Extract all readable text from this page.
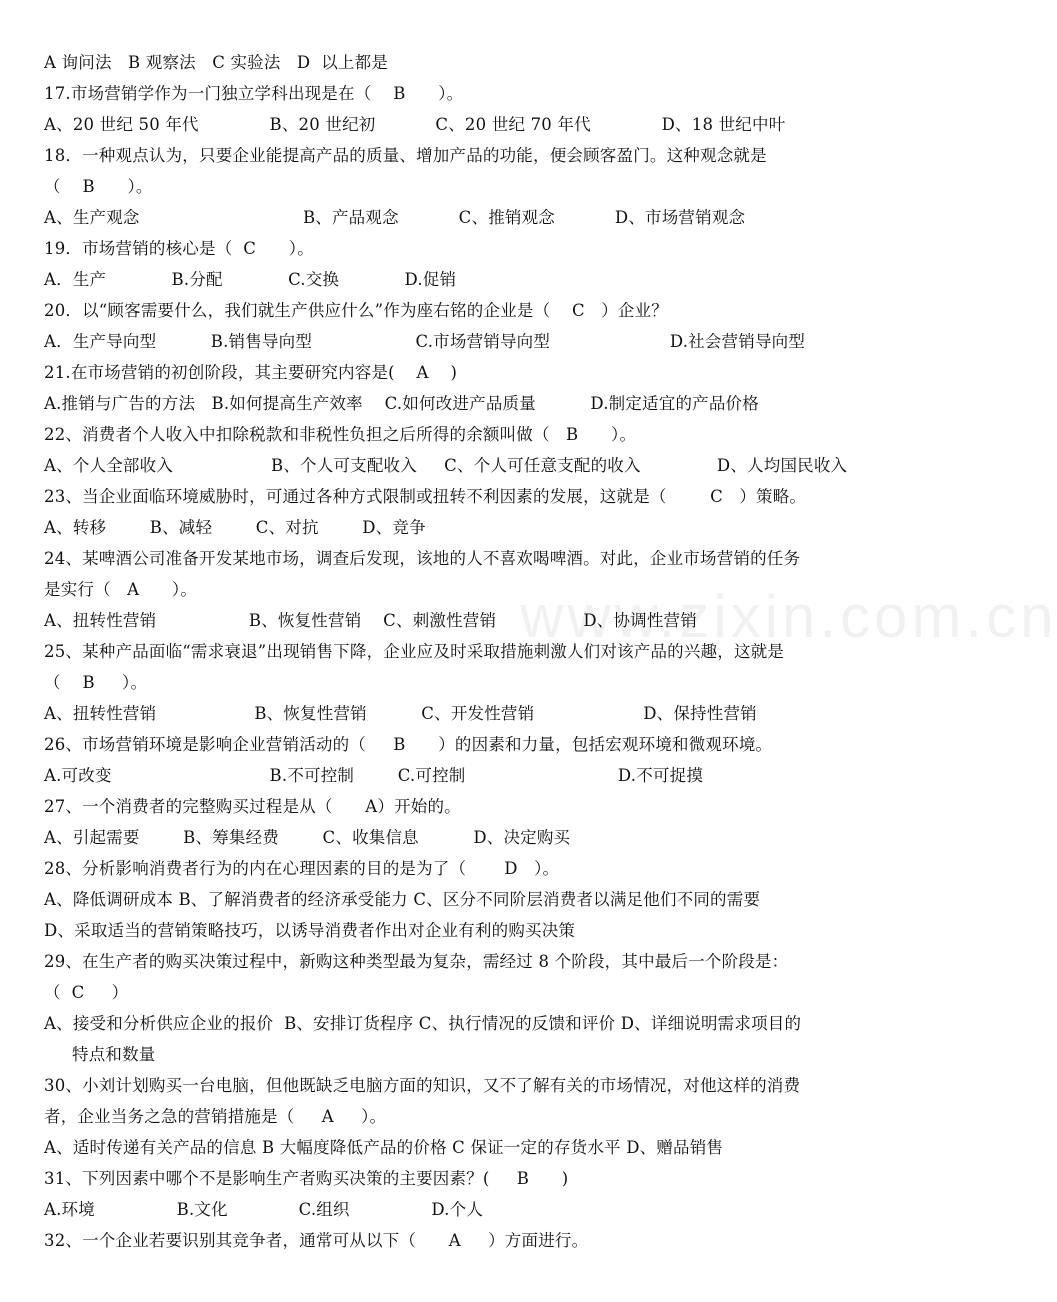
A 询问法   B 观察法   C 实验法   D  以上都是
17.市场营销学作为一门独立学科出现是在（    B      ）。
A、20 世纪 50 年代             B、20 世纪初           C、20 世纪 70 年代             D、18 世纪中叶
18．一种观点认为，只要企业能提高产品的质量、增加产品的功能，便会顾客盈门。这种观念就是
（    B      ）。
A、生产观念                              B、产品观念           C、推销观念           D、市场营销观念
19．市场营销的核心是（  C      ）。
A．生产            B.分配            C.交换            D.促销
20．以“顾客需要什么，我们就生产供应什么”作为座右铭的企业是（    C   ）企业？
A．生产导向型          B.销售导向型                   C.市场营销导向型                      D.社会营销导向型
21.在市场营销的初创阶段，其主要研究内容是(    A    )
A.推销与广告的方法   B.如何提高生产效率    C.如何改进产品质量          D.制定适宜的产品价格
22、消费者个人收入中扣除税款和非税性负担之后所得的余额叫做（   B      ）。
A、个人全部收入                  B、个人可支配收入     C、个人可任意支配的收入              D、人均国民收入
23、当企业面临环境威胁时，可通过各种方式限制或扭转不利因素的发展，这就是（        C   ）策略。
A、转移        B、减轻        C、对抗        D、竞争
24、某啤酒公司准备开发某地市场，调查后发现，该地的人不喜欢喝啤酒。对此，企业市场营销的任务
是实行（   A      ）。
A、扭转性营销                 B、恢复性营销    C、刺激性营销                D、协调性营销
25、某种产品面临“需求衰退”出现销售下降，企业应及时采取措施刺激人们对该产品的兴趣，这就是
（    B     ）。
A、扭转性营销                  B、恢复性营销          C、开发性营销                    D、保持性营销
26、市场营销环境是影响企业营销活动的（     B      ）的因素和力量，包括宏观环境和微观环境。
A.可改变                             B.不可控制        C.可控制                            D.不可捉摸
27、一个消费者的完整购买过程是从（      A）开始的。
A、引起需要        B、筹集经费        C、收集信息          D、决定购买
28、分析影响消费者行为的内在心理因素的目的是为了（       D   ）。
A、降低调研成本 B、了解消费者的经济承受能力 C、区分不同阶层消费者以满足他们不同的需要
D、采取适当的营销策略技巧，以诱导消费者作出对企业有利的购买决策
29、在生产者的购买决策过程中，新购这种类型最为复杂，需经过 8 个阶段，其中最后一个阶段是：
（  C     ）
A、接受和分析供应企业的报价  B、安排订货程序 C、执行情况的反馈和评价 D、详细说明需求项目的
特点和数量
30、小刘计划购买一台电脑，但他既缺乏电脑方面的知识，又不了解有关的市场情况，对他这样的消费
者，企业当务之急的营销措施是（     A     ）。
A、适时传递有关产品的信息 B 大幅度降低产品的价格 C 保证一定的存货水平 D、赠品销售
31、下列因素中哪个不是影响生产者购买决策的主要因素？(     B      )
A.环境               B.文化             C.组织               D.个人
32、一个企业若要识别其竞争者，通常可从以下（      A     ）方面进行。
www.zixin.com.cn
